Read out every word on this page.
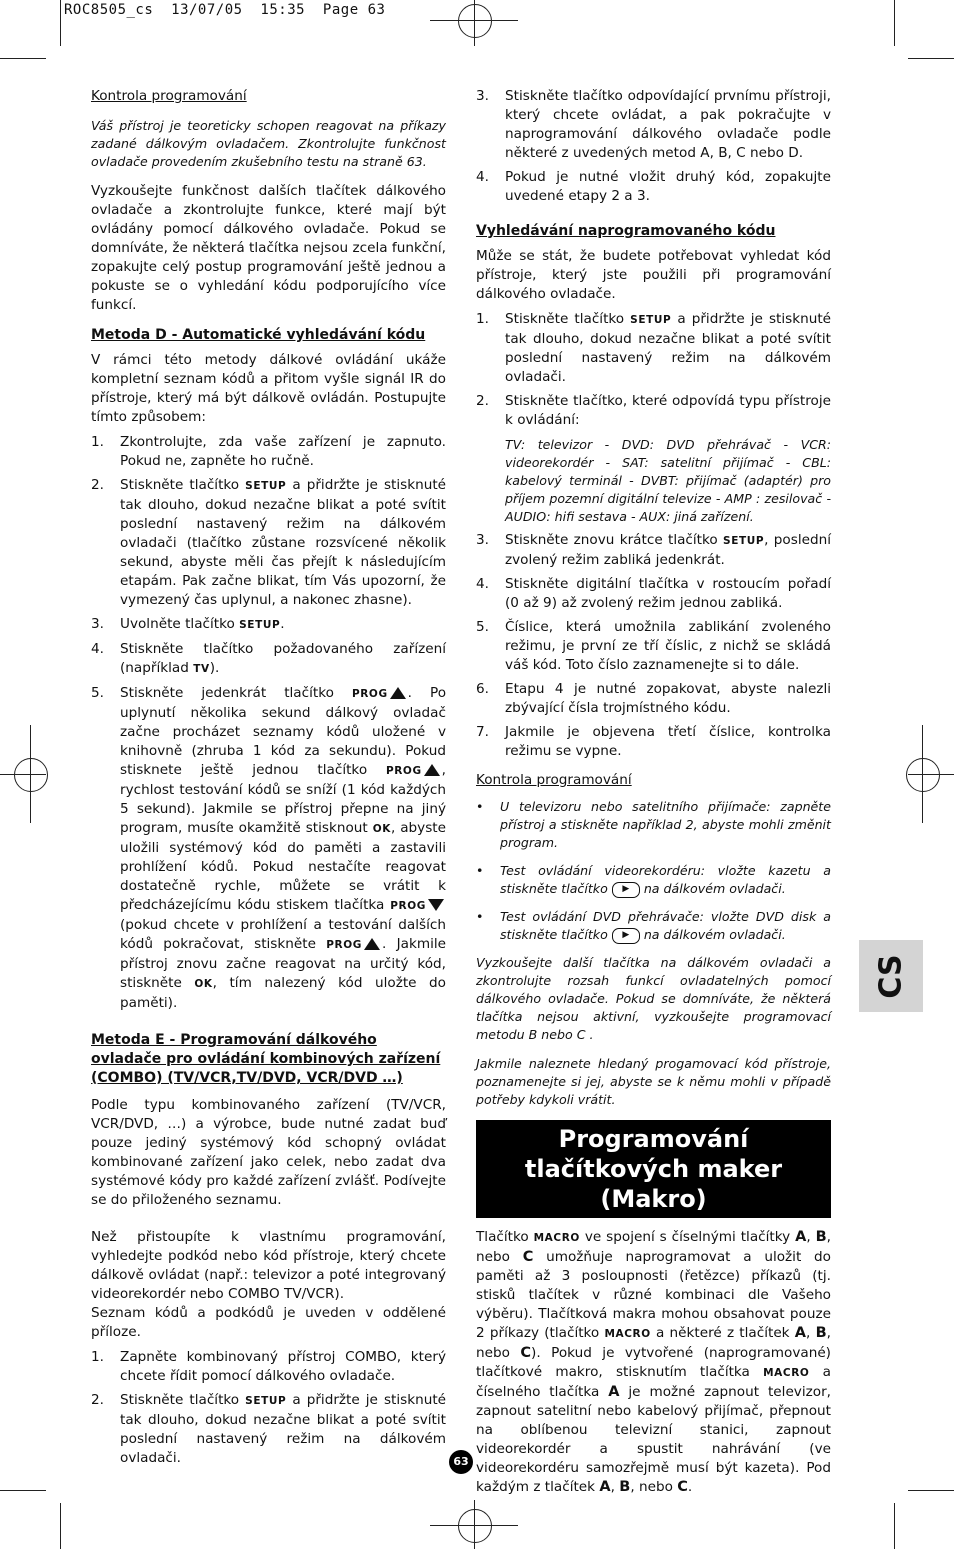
ROC8505_cs  13/07/05  15:35  Page 63

Kontrola programování

Váš přístroj je teoreticky schopen reagovat na příkazy zadané dálkovým ovladačem. Zkontrolujte funkčnost ovladače provedením zkušebního testu na straně 63.

Vyzkoušejte funkčnost dalších tlačítek dálkového ovladače a zkontrolujte funkce, které mají být ovládány pomocí dálkového ovladače. Pokud se domníváte, že některá tlačítka nejsou zcela funkční, zopakujte celý postup programování ještě jednou a pokuste se o vyhledání kódu podporujícího více funkcí.

Metoda D - Automatické vyhledávání kódu

V rámci této metody dálkové ovládání ukáže kompletní seznam kódů a přitom vyšle signál IR do přístroje, který má být dálkově ovládán. Postupujte tímto způsobem:

1.	Zkontrolujte, zda vaše zařízení je zapnuto. Pokud ne, zapněte ho ručně.
2.	Stiskněte tlačítko SETUP a přidržte je stisknuté tak dlouho, dokud nezačne blikat a poté svítit poslední nastavený režim na dálkovém ovladači (tlačítko zůstane rozsvícené několik sekund, abyste měli čas přejít k následujícím etapám. Pak začne blikat, tím Vás upozorní, že vymezený čas uplynul, a nakonec zhasne).
3.	Uvolněte tlačítko SETUP.
4.	Stiskněte tlačítko požadovaného zařízení (například TV).
5.	Stiskněte jedenkrát tlačítko PROG . Po uplynutí několika sekund dálkový ovladač začne procházet seznamy kódů uložené v knihovně (zhruba 1 kód za sekundu). Pokud stisknete ještě jednou tlačítko PROG , rychlost testování kódů se sníží (1 kód každých 5 sekund). Jakmile se přístroj přepne na jiný program, musíte okamžitě stisknout OK, abyste uložili systémový kód do paměti a zastavili prohlížení kódů. Pokud nestačíte reagovat dostatečně rychle, můžete se vrátit k předcházejícímu kódu stiskem tlačítka PROG (pokud chcete v prohlížení a testování dalších kódů pokračovat, stiskněte PROG . Jakmile přístroj znovu začne reagovat na určitý kód, stiskněte OK, tím nalezený kód uložte do paměti).

Metoda E - Programování dálkového ovladače pro ovládání kombinových zařízení (COMBO) (TV/VCR,TV/DVD, VCR/DVD …)

Podle typu kombinovaného zařízení (TV/VCR, VCR/DVD, …) a výrobce, bude nutné zadat buď pouze jediný systémový kód schopný ovládat kombinované zařízení jako celek, nebo zadat dva systémové kódy pro každé zařízení zvlášť. Podívejte se do přiloženého seznamu.

Než přistoupíte k vlastnímu programování, vyhledejte podkód nebo kód přístroje, který chcete dálkově ovládat (např.: televizor a poté integrovaný videorekordér nebo COMBO TV/VCR).

Seznam kódů a podkódů je uveden v oddělené příloze.

1.	Zapněte kombinovaný přístroj COMBO, který chcete řídit pomocí dálkového ovladače.
2.	Stiskněte tlačítko SETUP a přidržte je stisknuté tak dlouho, dokud nezačne blikat a poté svítit poslední nastavený režim na dálkovém ovladači.
3.	Stiskněte tlačítko odpovídající prvnímu přístroji, který chcete ovládat, a pak pokračujte v naprogramování dálkového ovladače podle některé z uvedených metod A, B, C nebo D.
4.	Pokud je nutné vložit druhý kód, zopakujte uvedené etapy 2 a 3.

Vyhledávání naprogramovaného kódu

Může se stát, že budete potřebovat vyhledat kód přístroje, který jste použili při programování dálkového ovladače.

1.	Stiskněte tlačítko SETUP a přidržte je stisknuté tak dlouho, dokud nezačne blikat a poté svítit poslední nastavený režim na dálkovém ovladači.
2.	Stiskněte tlačítko, které odpovídá typu přístroje k ovládání:

TV: televizor - DVD: DVD přehrávač - VCR: videorekordér - SAT: satelitní přijímač - CBL: kabelový terminál - DVBT: přijímač (adaptér) pro příjem pozemní digitální televize - AMP : zesilovač - AUDIO: hifi sestava - AUX: jiná zařízení.
3.	Stiskněte znovu krátce tlačítko SETUP, poslední zvolený režim zabliká jedenkrát.
4.	Stiskněte digitální tlačítka v rostoucím pořadí (0 až 9) až zvolený režim jednou zabliká.
5.	Číslice, která umožnila zablikání zvoleného režimu, je první ze tří číslic, z nichž se skládá váš kód. Toto číslo zaznamenejte si to dále.
6.	Etapu 4 je nutné zopakovat, abyste nalezli zbývající čísla trojmístného kódu.
7.	Jakmile je objevena třetí číslice, kontrolka režimu se vypne.

Kontrola programování

•	U televizoru nebo satelitního přijímače: zapněte přístroj a stiskněte například 2, abyste mohli změnit program.
•	Test ovládání videorekordéru: vložte kazetu a stiskněte tlačítko ▶ na dálkovém ovladači.
•	Test ovládání DVD přehrávače: vložte DVD disk a stiskněte tlačítko ▶ na dálkovém ovladači.

Vyzkoušejte další tlačítka na dálkovém ovladači a zkontrolujte rozsah funkcí ovladatelných pomocí dálkového ovladače. Pokud se domníváte, že některá tlačítka nejsou aktivní, vyzkoušejte programovací metodu B nebo C .

Jakmile naleznete hledaný progamovací kód přístroje, poznamenejte si jej, abyste se k němu mohli v případě potřeby kdykoli vrátit.

Programování tlačítkových maker (Makro)

Tlačítko MACRO ve spojení s číselnými tlačítky A, B, nebo C umožňuje naprogramovat a uložit do paměti až 3 posloupnosti (řetězce) příkazů (tj. stisků tlačítek v různé kombinaci dle Vašeho výběru). Tlačítková makra mohou obsahovat pouze 2 příkazy (tlačítko MACRO a některé z tlačítek A, B, nebo C). Pokud je vytvořené (naprogramované) tlačítkové makro, stisknutím tlačítka MACRO a číselného tlačítka A je možné zapnout televizor, zapnout satelitní nebo kabelový přijímač, přepnout na oblíbenou televizní stanici, zapnout videorekordér a spustit nahrávání (ve videorekordéru samozřejmě musí být kazeta). Pod každým z tlačítek A, B, nebo C.

CS
63
